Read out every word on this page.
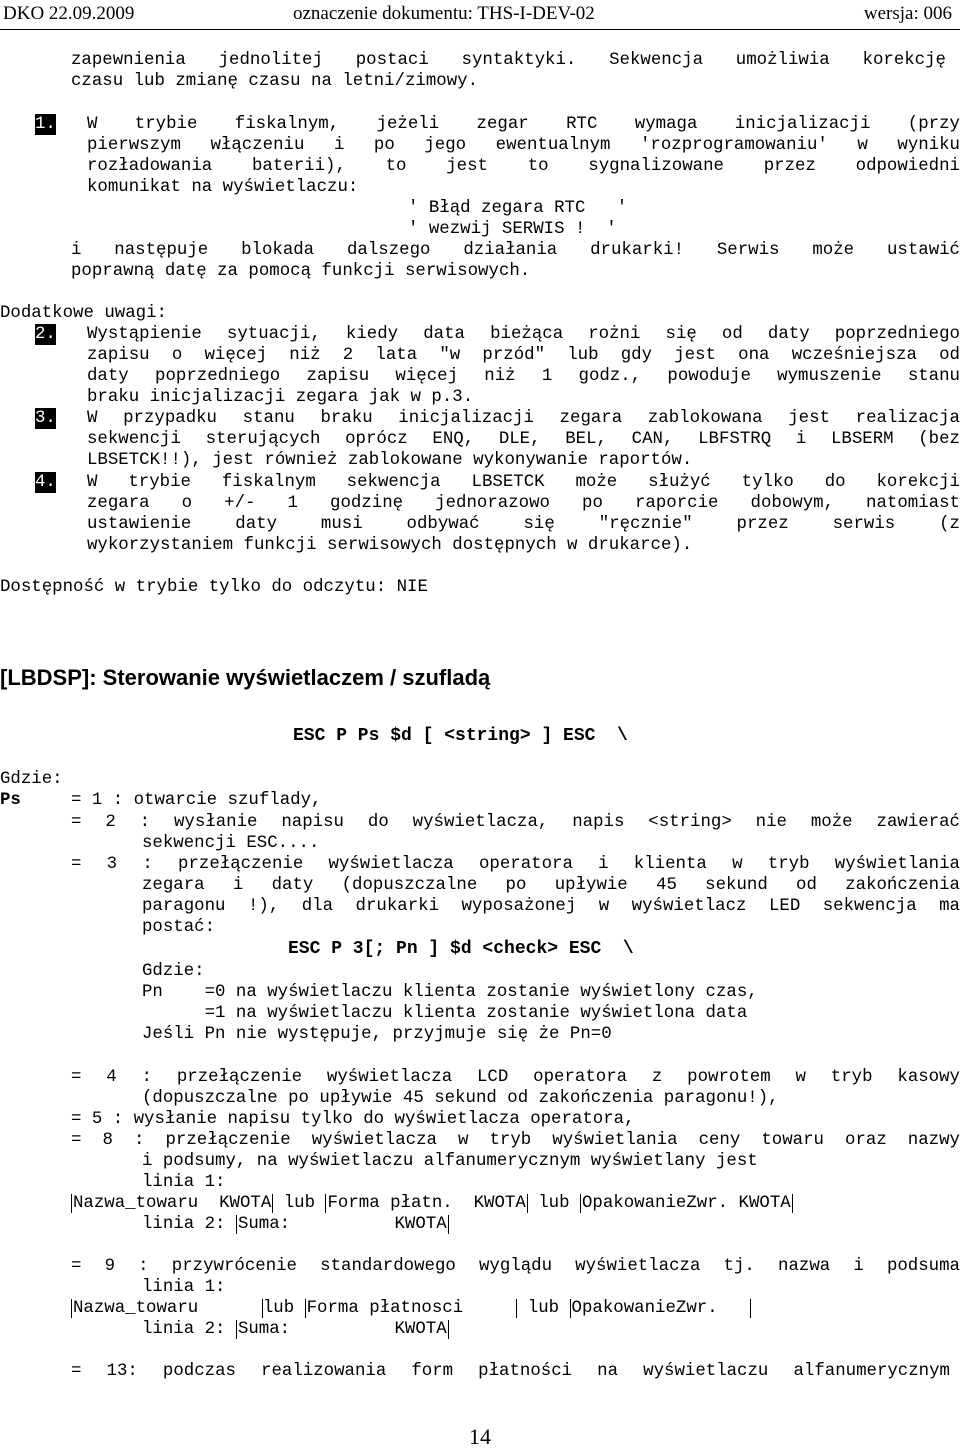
DKO 22.09.2009	oznaczenie dokumentu: THS-I-DEV-02	wersja: 006
zapewnienia jednolitej postaci syntaktyki. Sekwencja umożliwia korekcję
czasu lub zmianę czasu na letni/zimowy.
1. W trybie fiskalnym, jeżeli zegar RTC wymaga inicjalizacji (przy
pierwszym włączeniu i po jego ewentualnym 'rozprogramowaniu' w wyniku
rozładowania baterii), to jest to sygnalizowane przez odpowiedni
komunikat na wyświetlaczu:
' Błąd zegara RTC   '
' wezwij SERWIS !  '
i następuje blokada dalszego działania drukarki! Serwis może ustawić
poprawną datę za pomocą funkcji serwisowych.
Dodatkowe uwagi:
2. Wystąpienie sytuacji, kiedy data bieżąca rożni się od daty poprzedniego
zapisu o więcej niż 2 lata "w przód" lub gdy jest ona wcześniejsza od
daty poprzedniego zapisu więcej niż 1 godz., powoduje wymuszenie stanu
braku inicjalizacji zegara jak w p.3.
3. W przypadku stanu braku inicjalizacji zegara zablokowana jest realizacja
sekwencji sterujących oprócz ENQ, DLE, BEL, CAN, LBFSTRQ i LBSERM (bez
LBSETCK!!), jest również zablokowane wykonywanie raportów.
4. W trybie fiskalnym sekwencja LBSETCK może służyć tylko do korekcji
zegara o +/- 1 godzinę jednorazowo po raporcie dobowym, natomiast
ustawienie daty musi odbywać się "ręcznie" przez serwis (z
wykorzystaniem funkcji serwisowych dostępnych w drukarce).
Dostępność w trybie tylko do odczytu: NIE
[LBDSP]: Sterowanie wyświetlaczem / szufladą
ESC P Ps $d [ <string> ] ESC  \
Gdzie:
Ps	= 1 : otwarcie szuflady,
= 2 : wysłanie napisu do wyświetlacza, napis <string> nie może zawierać
sekwencji ESC....
= 3 : przełączenie wyświetlacza operatora i klienta w tryb wyświetlania
zegara i daty (dopuszczalne po upływie 45 sekund od zakończenia
paragonu !), dla drukarki wyposażonej w wyświetlacz LED sekwencja ma
postać:
ESC P 3[; Pn ] $d <check> ESC  \
Gdzie:
Pn    =0 na wyświetlaczu klienta zostanie wyświetlony czas,
=1 na wyświetlaczu klienta zostanie wyświetlona data
Jeśli Pn nie występuje, przyjmuje się że Pn=0
= 4 : przełączenie wyświetlacza LCD operatora z powrotem w tryb kasowy
(dopuszczalne po upływie 45 sekund od zakończenia paragonu!),
= 5 : wysłanie napisu tylko do wyświetlacza operatora,
= 8 : przełączenie wyświetlacza w tryb wyświetlania ceny towaru oraz nazwy
i podsumy, na wyświetlaczu alfanumerycznym wyświetlany jest
linia 1:
Nazwa_towaru  KWOTA lub Forma płatn.  KWOTA lub OpakowanieZwr. KWOTA
linia 2: Suma:          KWOTA
= 9 : przywrócenie standardowego wyglądu wyświetlacza tj. nazwa i podsuma
linia 1:
Nazwa_towaru      lub Forma płatnosci      lub OpakowanieZwr.
linia 2: Suma:          KWOTA
= 13: podczas realizowania form płatności na wyświetlaczu alfanumerycznym
14
